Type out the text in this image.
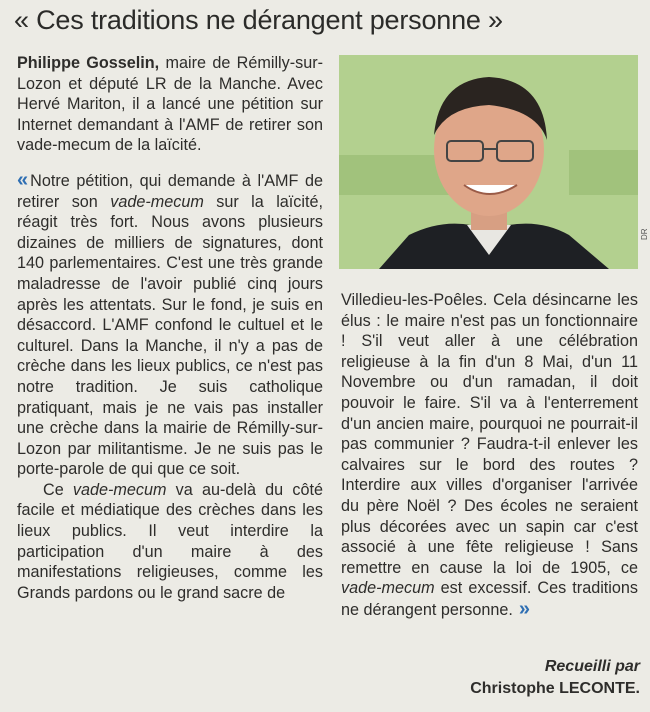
« Ces traditions ne dérangent personne »

Philippe Gosselin, maire de Rémilly-sur-Lozon et député LR de la Manche. Avec Hervé Mariton, il a lancé une pétition sur Internet demandant à l'AMF de retirer son vade-mecum de la laïcité.

« Notre pétition, qui demande à l'AMF de retirer son vade-mecum sur la laïcité, réagit très fort. Nous avons plusieurs dizaines de milliers de signatures, dont 140 parlementaires. C'est une très grande maladresse de l'avoir publié cinq jours après les attentats. Sur le fond, je suis en désaccord. L'AMF confond le cultuel et le culturel. Dans la Manche, il n'y a pas de crèche dans les lieux publics, ce n'est pas notre tradition. Je suis catholique pratiquant, mais je ne vais pas installer une crèche dans la mairie de Rémilly-sur-Lozon par militantisme. Je ne suis pas le porte-parole de qui que ce soit.

Ce vade-mecum va au-delà du côté facile et médiatique des crèches dans les lieux publics. Il veut interdire la participation d'un maire à des manifestations religieuses, comme les Grands pardons ou le grand sacre de

DR

Villedieu-les-Poêles. Cela désincarne les élus : le maire n'est pas un fonctionnaire ! S'il veut aller à une célébration religieuse à la fin d'un 8 Mai, d'un 11 Novembre ou d'un ramadan, il doit pouvoir le faire. S'il va à l'enterrement d'un ancien maire, pourquoi ne pourrait-il pas communier ? Faudra-t-il enlever les calvaires sur le bord des routes ? Interdire aux villes d'organiser l'arrivée du père Noël ? Des écoles ne seraient plus décorées avec un sapin car c'est associé à une fête religieuse ! Sans remettre en cause la loi de 1905, ce vade-mecum est excessif. Ces traditions ne dérangent personne. »

Recueilli par
Christophe LECONTE.
